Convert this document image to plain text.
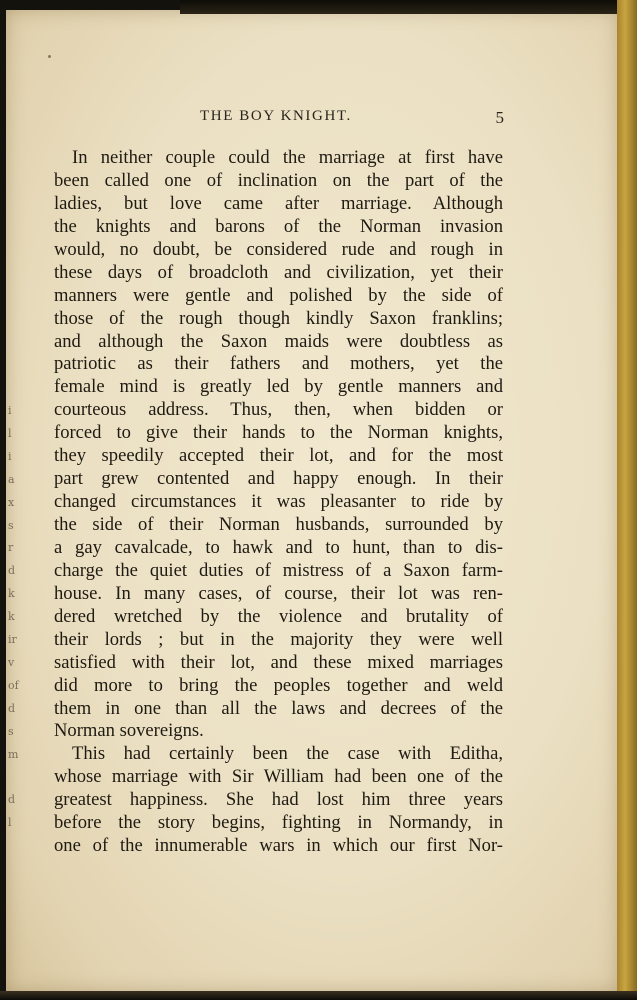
i
l
i
a
x
s
r
d
k
k
ir
v
of
d
s
m

d
l
THE BOY KNIGHT.	5
In neither couple could the marriage at first have
been called one of inclination on the part of the
ladies, but love came after marriage. Although
the knights and barons of the Norman invasion
would, no doubt, be considered rude and rough in
these days of broadcloth and civilization, yet their
manners were gentle and polished by the side of
those of the rough though kindly Saxon franklins;
and although the Saxon maids were doubtless as
patriotic as their fathers and mothers, yet the
female mind is greatly led by gentle manners and
courteous address. Thus, then, when bidden or
forced to give their hands to the Norman knights,
they speedily accepted their lot, and for the most
part grew contented and happy enough. In their
changed circumstances it was pleasanter to ride by
the side of their Norman husbands, surrounded by
a gay cavalcade, to hawk and to hunt, than to dis-
charge the quiet duties of mistress of a Saxon farm-
house. In many cases, of course, their lot was ren-
dered wretched by the violence and brutality of
their lords ; but in the majority they were well
satisfied with their lot, and these mixed marriages
did more to bring the peoples together and weld
them in one than all the laws and decrees of the
Norman sovereigns.
This had certainly been the case with Editha,
whose marriage with Sir William had been one of the
greatest happiness. She had lost him three years
before the story begins, fighting in Normandy, in
one of the innumerable wars in which our first Nor-
